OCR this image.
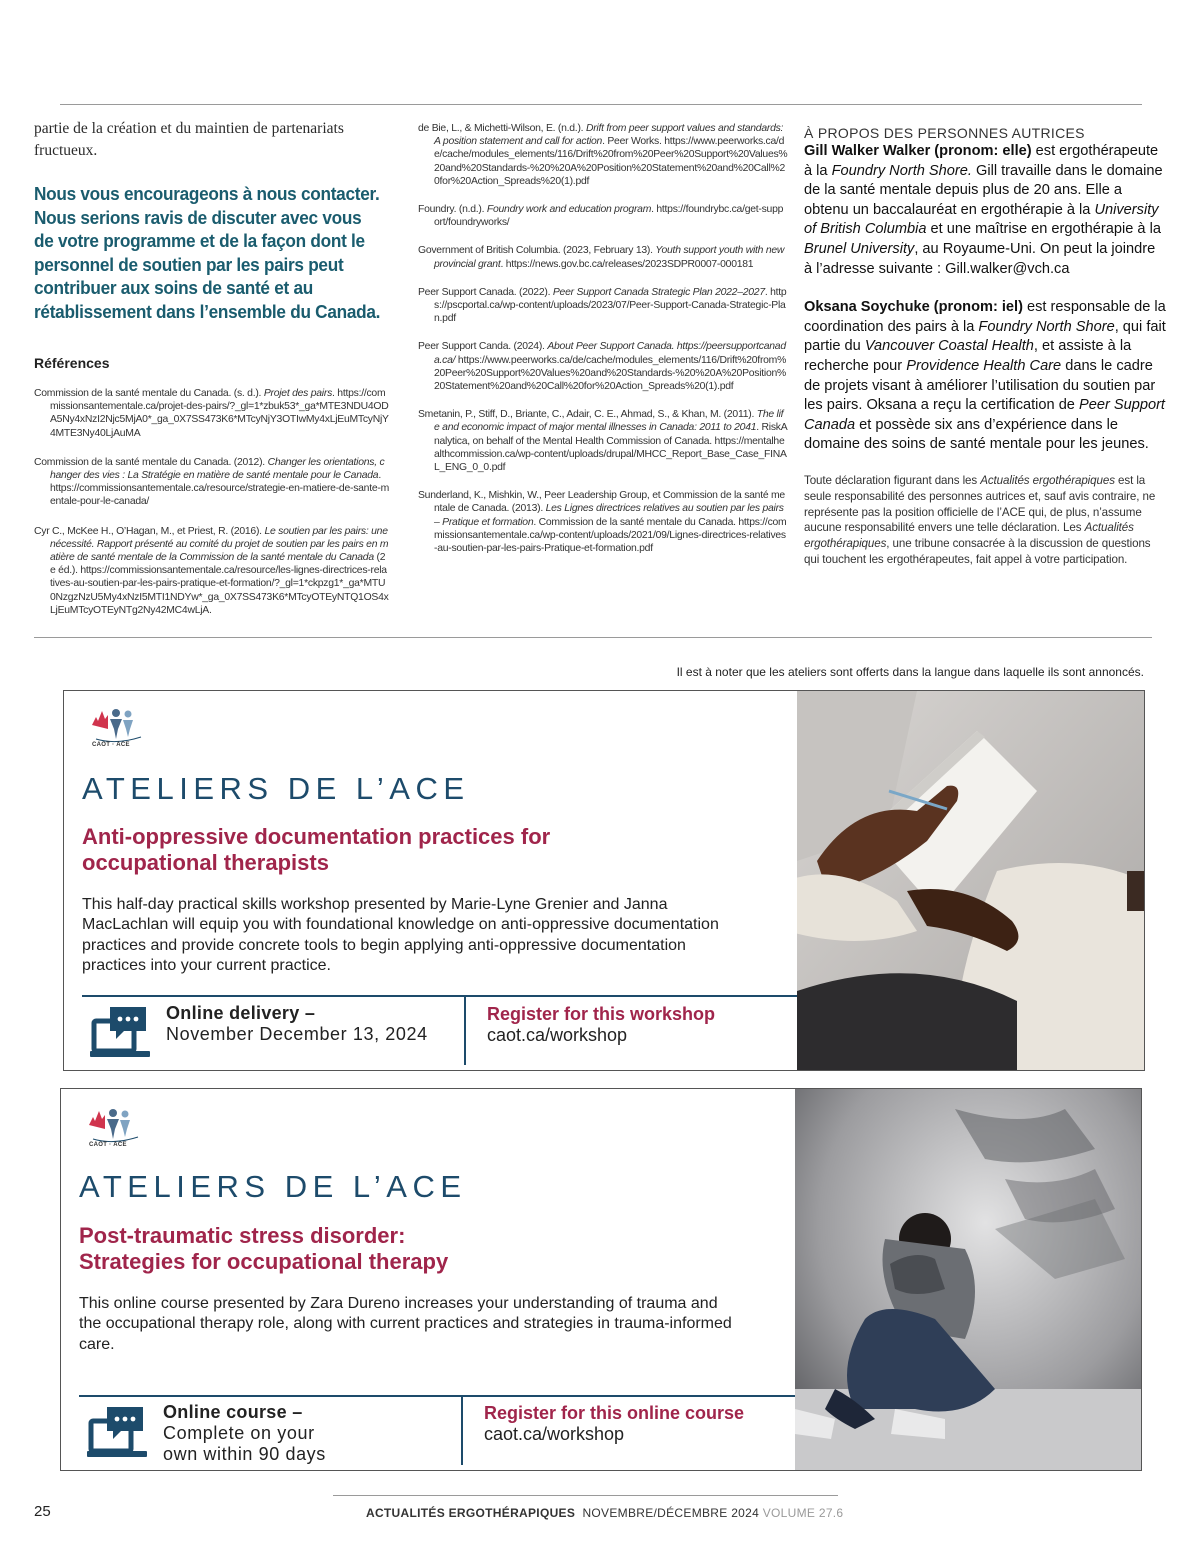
partie de la création et du maintien de partenariats fructueux.

Nous vous encourageons à nous contacter. Nous serions ravis de discuter avec vous de votre programme et de la façon dont le personnel de soutien par les pairs peut contribuer aux soins de santé et au rétablissement dans l’ensemble du Canada.

Références

Commission de la santé mentale du Canada. (s. d.). Projet des pairs. https://commissionsantementale.ca/projet-des-pairs/?_gl=1*zbuk53*_ga*MTE3NDU4ODA5Ny4xNzI2Njc5MjA0*_ga_0X7SS473K6*MTcyNjY3OTIwMy4xLjEuMTcyNjY4MTE3Ny40LjAuMA

Commission de la santé mentale du Canada. (2012). Changer les orientations, changer des vies : La Stratégie en matière de santé mentale pour le Canada. https://commissionsantementale.ca/resource/strategie-en-matiere-de-sante-mentale-pour-le-canada/

Cyr C., McKee H., O’Hagan, M., et Priest, R. (2016). Le soutien par les pairs: une nécessité. Rapport présenté au comité du projet de soutien par les pairs en matière de santé mentale de la Commission de la santé mentale du Canada (2e éd.). https://commissionsantementale.ca/resource/les-lignes-directrices-relatives-au-soutien-par-les-pairs-pratique-et-formation/?_gl=1*ckpzg1*_ga*MTU0NzgzNzU5My4xNzI5MTI1NDYw*_ga_0X7SS473K6*MTcyOTEyNTQ1OS4xLjEuMTcyOTEyNTg2Ny42MC4wLjA.

de Bie, L., & Michetti-Wilson, E. (n.d.). Drift from peer support values and standards: A position statement and call for action. Peer Works. https://www.peerworks.ca/de/cache/modules_elements/116/Drift%20from%20Peer%20Support%20Values%20and%20Standards-%20%20A%20Position%20Statement%20and%20Call%20for%20Action_Spreads%20(1).pdf

Foundry. (n.d.). Foundry work and education program. https://foundrybc.ca/get-support/foundryworks/

Government of British Columbia. (2023, February 13). Youth support youth with new provincial grant. https://news.gov.bc.ca/releases/2023SDPR0007-000181

Peer Support Canada. (2022). Peer Support Canada Strategic Plan 2022–2027. https://pscportal.ca/wp-content/uploads/2023/07/Peer-Support-Canada-Strategic-Plan.pdf

Peer Support Canda. (2024). About Peer Support Canada. https://peersupportcanada.ca/ https://www.peerworks.ca/de/cache/modules_elements/116/Drift%20from%20Peer%20Support%20Values%20and%20Standards-%20%20A%20Position%20Statement%20and%20Call%20for%20Action_Spreads%20(1).pdf

Smetanin, P., Stiff, D., Briante, C., Adair, C. E., Ahmad, S., & Khan, M. (2011). The life and economic impact of major mental illnesses in Canada: 2011 to 2041. RiskAnalytica, on behalf of the Mental Health Commission of Canada. https://mentalhealthcommission.ca/wp-content/uploads/drupal/MHCC_Report_Base_Case_FINAL_ENG_0_0.pdf

Sunderland, K., Mishkin, W., Peer Leadership Group, et Commission de la santé mentale de Canada. (2013). Les Lignes directrices relatives au soutien par les pairs – Pratique et formation. Commission de la santé mentale du Canada. https://commissionsantementale.ca/wp-content/uploads/2021/09/Lignes-directrices-relatives-au-soutien-par-les-pairs-Pratique-et-formation.pdf

À PROPOS DES PERSONNES AUTRICES

Gill Walker Walker (pronom: elle) est ergothérapeute à la Foundry North Shore. Gill travaille dans le domaine de la santé mentale depuis plus de 20 ans. Elle a obtenu un baccalauréat en ergothérapie à la University of British Columbia et une maîtrise en ergothérapie à la Brunel University, au Royaume-Uni. On peut la joindre à l’adresse suivante : Gill.walker@vch.ca

Oksana Soychuke (pronom: iel) est responsable de la coordination des pairs à la Foundry North Shore, qui fait partie du Vancouver Coastal Health, et assiste à la recherche pour Providence Health Care dans le cadre de projets visant à améliorer l’utilisation du soutien par les pairs. Oksana a reçu la certification de Peer Support Canada et possède six ans d’expérience dans le domaine des soins de santé mentale pour les jeunes.

Toute déclaration figurant dans les Actualités ergothérapiques est la seule responsabilité des personnes autrices et, sauf avis contraire, ne représente pas la position officielle de l’ACE qui, de plus, n’assume aucune responsabilité envers une telle déclaration. Les Actualités ergothérapiques, une tribune consacrée à la discussion de questions qui touchent les ergothérapeutes, fait appel à votre participation.

Il est à noter que les ateliers sont offerts dans la langue dans laquelle ils sont annoncés.

CAOT · ACE
ATELIERS DE L’ACE
Anti-oppressive documentation practices for
occupational therapists

This half-day practical skills workshop presented by Marie-Lyne Grenier and Janna MacLachlan will equip you with foundational knowledge on anti-oppressive documentation practices and provide concrete tools to begin applying anti-oppressive documentation practices into your current practice.

Online delivery –
November December 13, 2024
Register for this workshop
caot.ca/workshop
CAOT · ACE
ATELIERS DE L’ACE
Post-traumatic stress disorder:
Strategies for occupational therapy

This online course presented by Zara Dureno increases your understanding of trauma and the occupational therapy role, along with current practices and strategies in trauma-informed care.

Online course –
Complete on your
own within 90 days
Register for this online course
caot.ca/workshop
25	ACTUALITÉS ERGOTHÉRAPIQUES NOVEMBRE/DÉCEMBRE 2024 VOLUME 27.6
